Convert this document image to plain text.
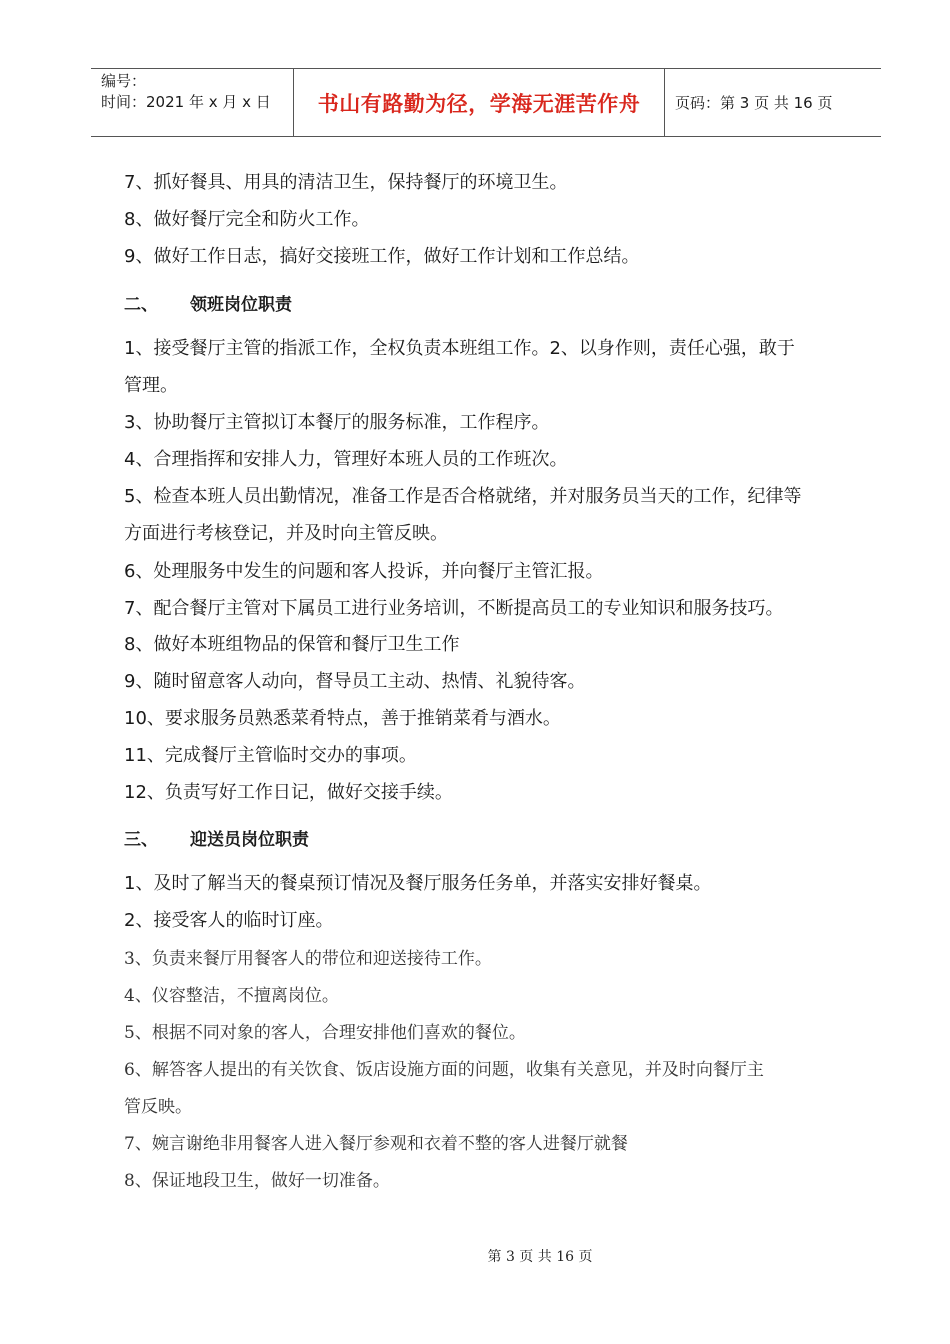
编号：
时间：2021 年 x 月 x 日	书山有路勤为径，学海无涯苦作舟 页码：第 3 页 共 16 页
7、抓好餐具、用具的清洁卫生，保持餐厅的环境卫生。
8、做好餐厅完全和防火工作。
9、做好工作日志，搞好交接班工作，做好工作计划和工作总结。
二、 领班岗位职责
1、接受餐厅主管的指派工作，全权负责本班组工作。2、以身作则，责任心强，敢于
管理。
3、协助餐厅主管拟订本餐厅的服务标准，工作程序。
4、合理指挥和安排人力，管理好本班人员的工作班次。
5、检查本班人员出勤情况，准备工作是否合格就绪，并对服务员当天的工作，纪律等
方面进行考核登记，并及时向主管反映。
6、处理服务中发生的问题和客人投诉，并向餐厅主管汇报。
7、配合餐厅主管对下属员工进行业务培训，不断提高员工的专业知识和服务技巧。
8、做好本班组物品的保管和餐厅卫生工作
9、随时留意客人动向，督导员工主动、热情、礼貌待客。
10、要求服务员熟悉菜肴特点，善于推销菜肴与酒水。
11、完成餐厅主管临时交办的事项。
12、负责写好工作日记，做好交接手续。
三、 迎送员岗位职责
1、及时了解当天的餐桌预订情况及餐厅服务任务单，并落实安排好餐桌。
2、接受客人的临时订座。
3、负责来餐厅用餐客人的带位和迎送接待工作。
4、仪容整洁，不擅离岗位。
5、根据不同对象的客人，合理安排他们喜欢的餐位。
6、解答客人提出的有关饮食、饭店设施方面的问题，收集有关意见，并及时向餐厅主
管反映。
7、婉言谢绝非用餐客人进入餐厅参观和衣着不整的客人进餐厅就餐
8、保证地段卫生，做好一切准备。
第 3 页 共 16 页
